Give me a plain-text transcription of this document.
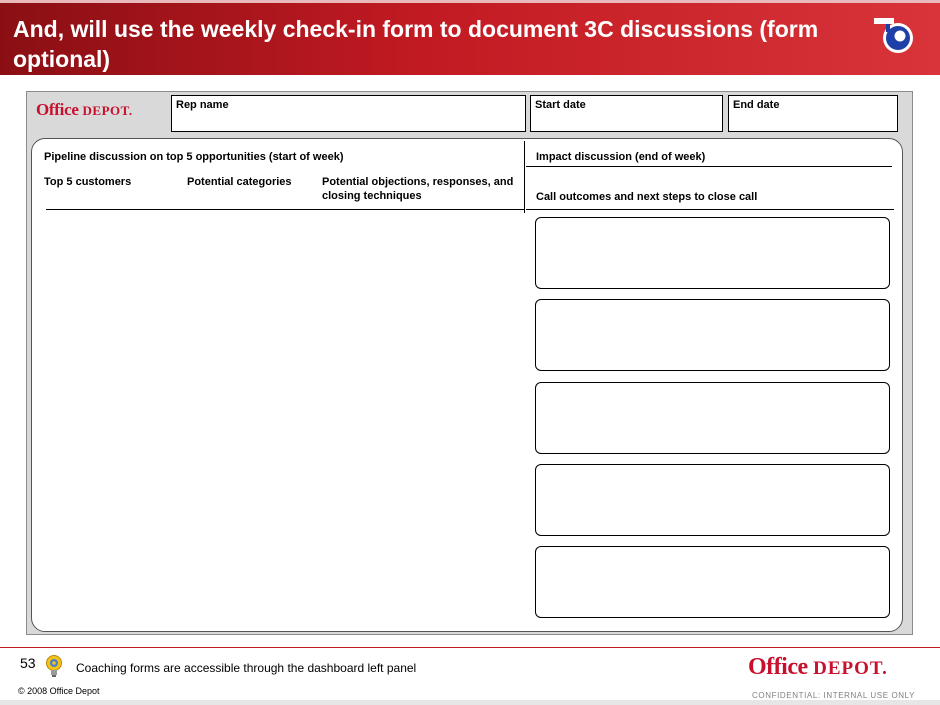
And, will use the weekly check-in form to document 3C discussions (form optional)
Office DEPOT.	Rep name	Start date	End date
Pipeline discussion on top 5 opportunities (start of week)	Impact discussion (end of week)
Top 5 customers	Potential categories	Potential objections, responses, and closing techniques	Call outcomes and next steps to close call
53	Coaching forms are accessible through the dashboard left panel
© 2008 Office Depot
Office DEPOT.
CONFIDENTIAL: INTERNAL USE ONLY
